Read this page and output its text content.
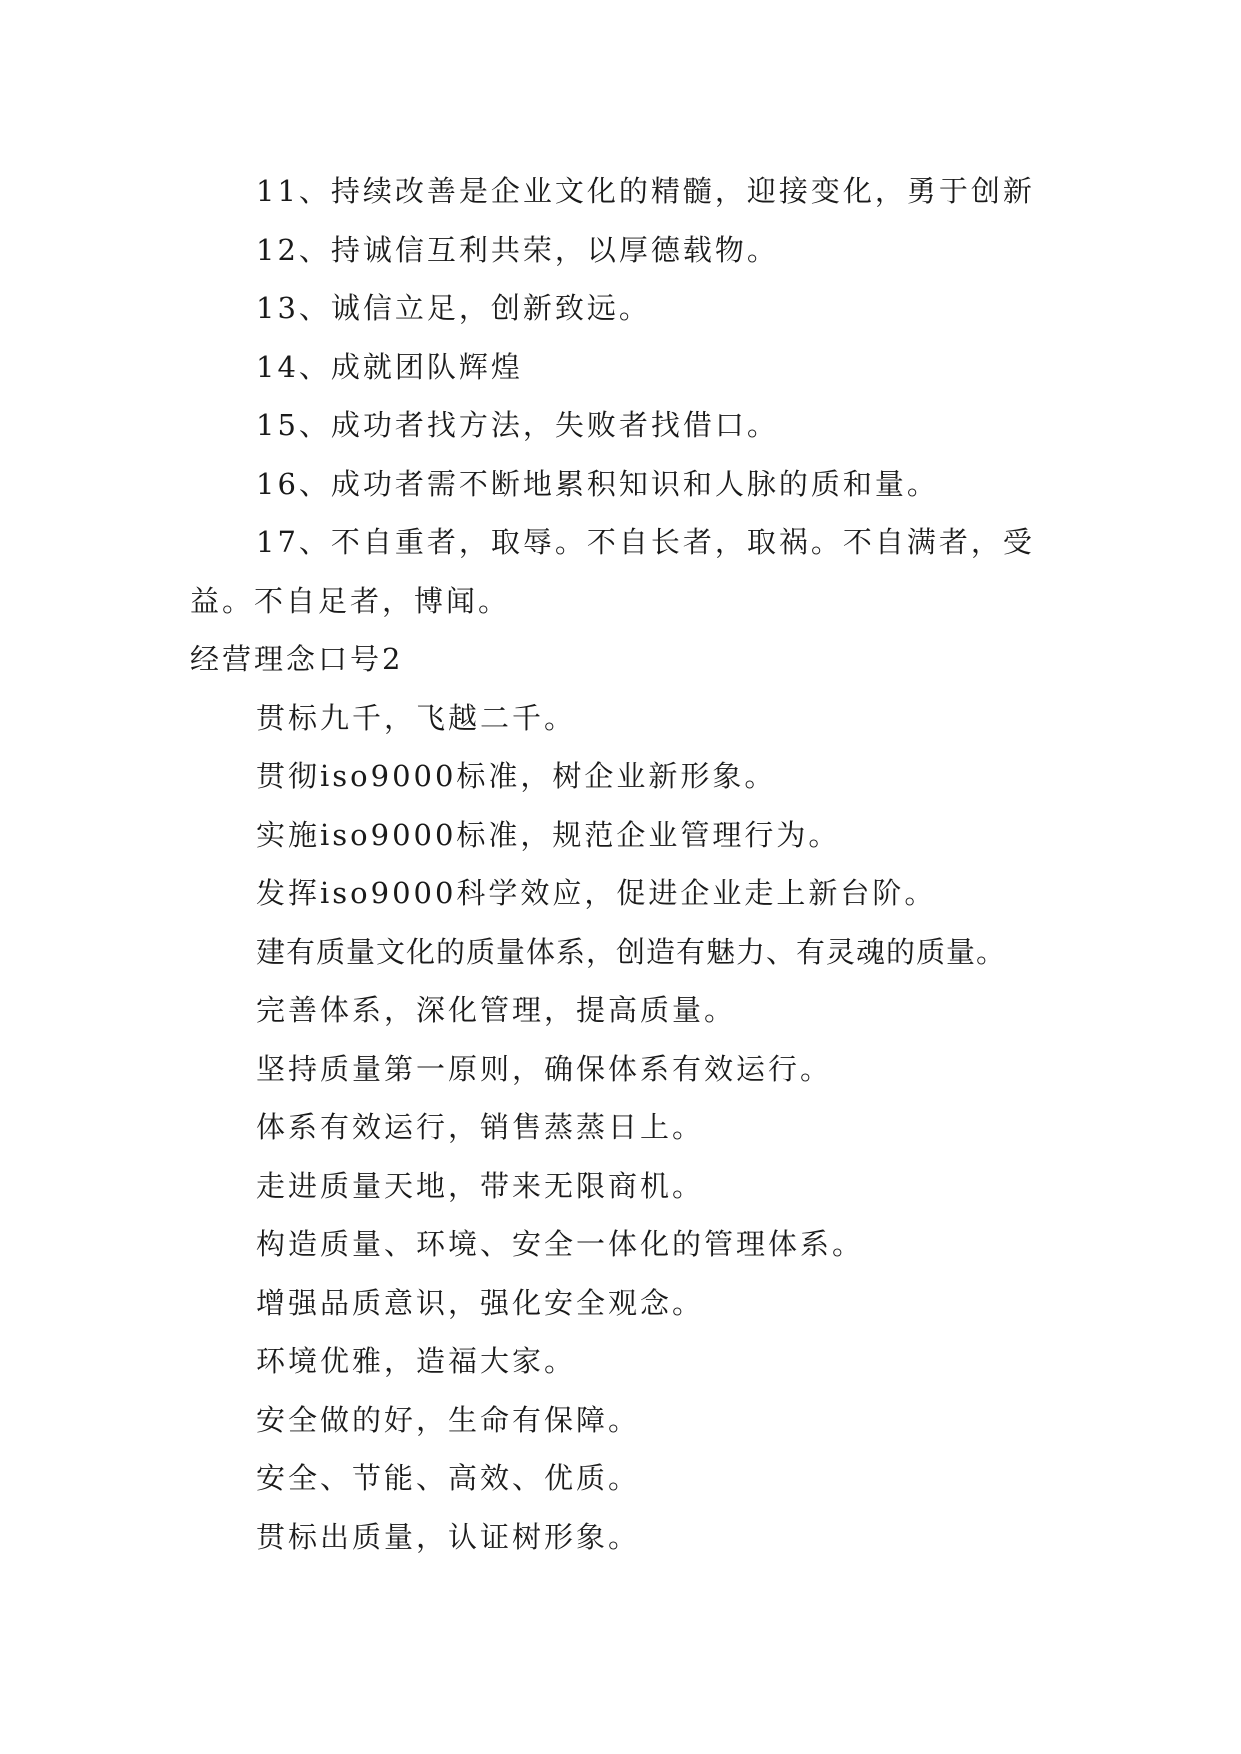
11、持续改善是企业文化的精髓，迎接变化，勇于创新

12、持诚信互利共荣，以厚德载物。

13、诚信立足，创新致远。

14、成就团队辉煌

15、成功者找方法，失败者找借口。

16、成功者需不断地累积知识和人脉的质和量。

17、不自重者，取辱。不自长者，取祸。不自满者，受

益。不自足者，博闻。

经营理念口号2

贯标九千，飞越二千。

贯彻iso9000标准，树企业新形象。

实施iso9000标准，规范企业管理行为。

发挥iso9000科学效应，促进企业走上新台阶。

建有质量文化的质量体系，创造有魅力、有灵魂的质量。

完善体系，深化管理，提高质量。

坚持质量第一原则，确保体系有效运行。

体系有效运行，销售蒸蒸日上。

走进质量天地，带来无限商机。

构造质量、环境、安全一体化的管理体系。

增强品质意识，强化安全观念。

环境优雅，造福大家。

安全做的好，生命有保障。

安全、节能、高效、优质。

贯标出质量，认证树形象。
